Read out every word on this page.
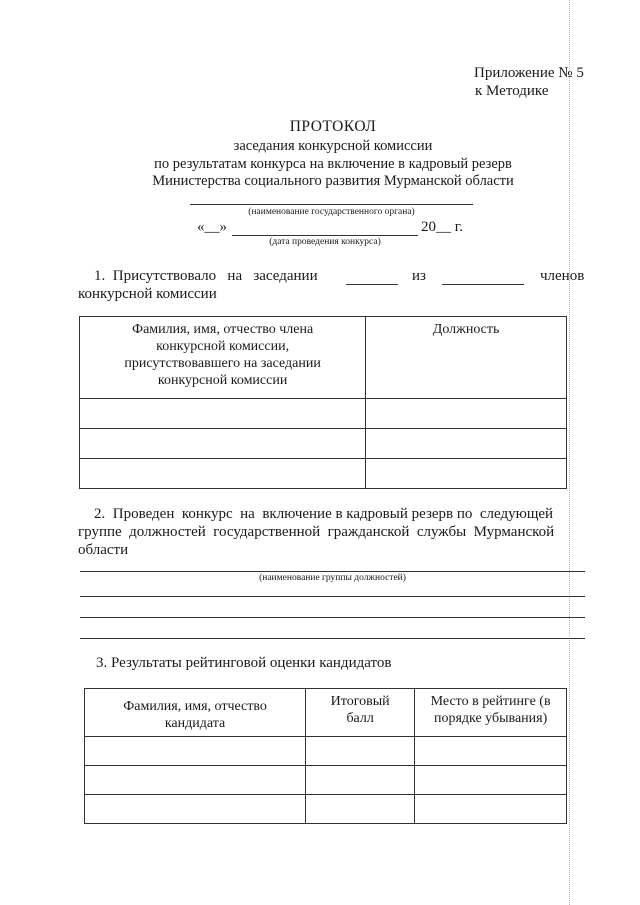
Приложение № 5
к Методике
ПРОТОКОЛ
заседания конкурсной комиссии
по результатам конкурса на включение в кадровый резерв
Министерства социального развития Мурманской области
(наименование государственного органа)
«__»	20__ г.
(дата проведения конкурса)
1.  Присутствовало   на   заседании	из	членов
конкурсной комиссии
Фамилия, имя, отчество члена конкурсной комиссии, присутствовавшего на заседании конкурсной комиссии	Должность

2.  Проведен  конкурс  на  включение в кадровый резерв по  следующей
группе  должностей  государственной  гражданской  службы  Мурманской
области
(наименование группы должностей)
3. Результаты рейтинговой оценки кандидатов
Фамилия, имя, отчество кандидата	Итоговый балл	Место в рейтинге (в порядке убывания)
